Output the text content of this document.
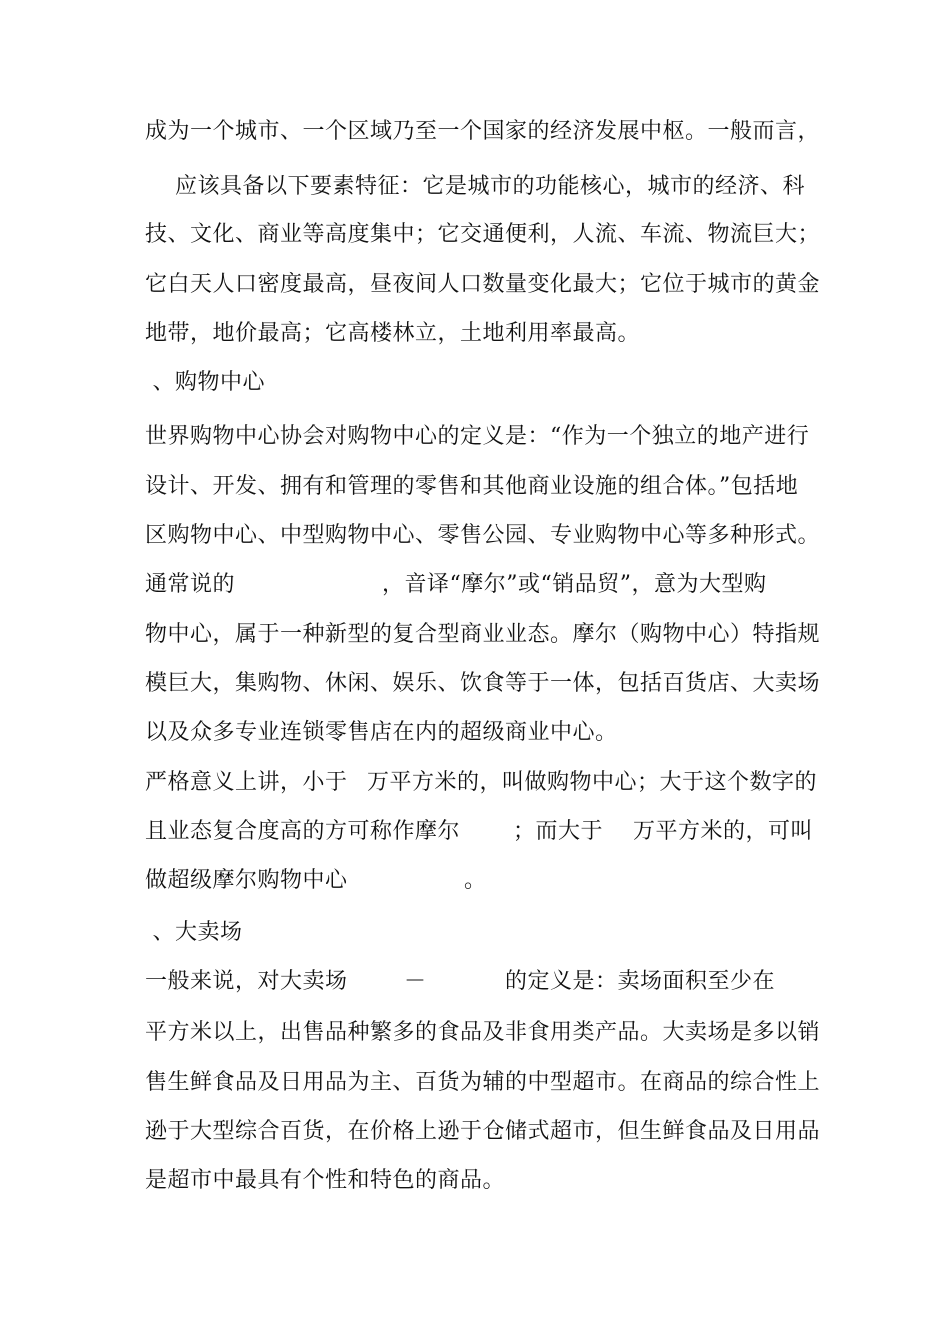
成为一个城市、一个区域乃至一个国家的经济发展中枢。一般而言，
应该具备以下要素特征：它是城市的功能核心，城市的经济、科
技、文化、商业等高度集中；它交通便利，人流、车流、物流巨大；
它白天人口密度最高，昼夜间人口数量变化最大；它位于城市的黄金
地带，地价最高；它高楼林立，土地利用率最高。
、购物中心
世界购物中心协会对购物中心的定义是：“作为一个独立的地产进行
设计、开发、拥有和管理的零售和其他商业设施的组合体。”包括地
区购物中心、中型购物中心、零售公园、专业购物中心等多种形式。
通常说的	，音译“摩尔”或“销品贸”，意为大型购
物中心，属于一种新型的复合型商业业态。摩尔（购物中心）特指规
模巨大，集购物、休闲、娱乐、饮食等于一体，包括百货店、大卖场
以及众多专业连锁零售店在内的超级商业中心。
严格意义上讲，小于 万平方米的，叫做购物中心；大于这个数字的
且业态复合度高的方可称作摩尔 ；而大于 万平方米的，可叫
做超级摩尔购物中心	。
、大卖场
一般来说，对大卖场	－	的定义是：卖场面积至少在
平方米以上，出售品种繁多的食品及非食用类产品。大卖场是多以销
售生鲜食品及日用品为主、百货为辅的中型超市。在商品的综合性上
逊于大型综合百货，在价格上逊于仓储式超市，但生鲜食品及日用品
是超市中最具有个性和特色的商品。
